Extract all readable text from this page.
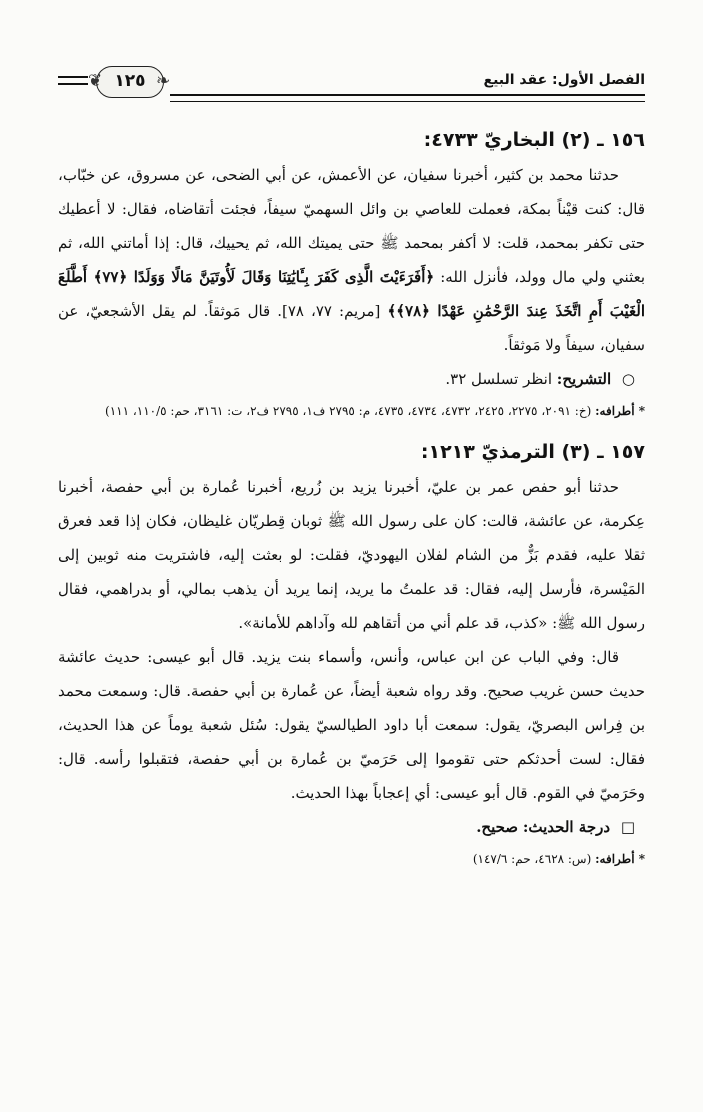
١٢٥
❦	❧	الفصل الأول: عقد البيع
١٥٦ ـ (٢) البخاريّ ٤٧٣٣:

حدثنا محمد بن كثير، أخبرنا سفيان، عن الأعمش، عن أبي الضحى، عن مسروق، عن خبّاب، قال: كنت قيْناً بمكة، فعملت للعاصي بن وائل السهميّ سيفاً، فجئت أتقاضاه، فقال: لا أعطيك حتى تكفر بمحمد، قلت: لا أكفر بمحمد ﷺ حتى يميتك الله، ثم يحييك، قال: إذا أماتني الله، ثم بعثني ولي مال وولد، فأنزل الله: ﴿أَفَرَءَيْتَ الَّذِى كَفَرَ بِـَٔايَٰتِنَا وَقَالَ لَأُوتَيَنَّ مَالًا وَوَلَدًا ﴿٧٧﴾ أَطَّلَعَ الْغَيْبَ أَمِ اتَّخَذَ عِندَ الرَّحْمَٰنِ عَهْدًا ﴿٧٨﴾﴾ [مريم: ٧٧، ٧٨]. قال مَوثقاً. لم يقل الأشجعيّ، عن سفيان، سيفاً ولا مَوثقاً.

○ التشريح: انظر تسلسل ٣٢.

* أطرافه: (خ: ٢٠٩١، ٢٢٧٥، ٢٤٢٥، ٤٧٣٢، ٤٧٣٤، ٤٧٣٥، م: ٢٧٩٥ ف١، ٢٧٩٥ ف٢، ت: ٣١٦١، حم: ١١٠/٥، ١١١)

١٥٧ ـ (٣) الترمذيّ ١٢١٣:

حدثنا أبو حفص عمر بن عليّ، أخبرنا يزيد بن زُريع، أخبرنا عُمارة بن أبي حفصة، أخبرنا عِكرمة، عن عائشة، قالت: كان على رسول الله ﷺ ثوبان قِطريّان غليظان، فكان إذا قعد فعرق ثقلا عليه، فقدم بَزٌّ من الشام لفلان اليهوديّ، فقلت: لو بعثت إليه، فاشتريت منه ثوبين إلى المَيْسرة، فأرسل إليه، فقال: قد علمتُ ما يريد، إنما يريد أن يذهب بمالي، أو بدراهمي، فقال رسول الله ﷺ: «كذب، قد علم أني من أتقاهم لله وآداهم للأمانة».

قال: وفي الباب عن ابن عباس، وأنس، وأسماء بنت يزيد. قال أبو عيسى: حديث عائشة حديث حسن غريب صحيح. وقد رواه شعبة أيضاً، عن عُمارة بن أبي حفصة. قال: وسمعت محمد بن فِراس البصريّ، يقول: سمعت أبا داود الطيالسيّ يقول: سُئل شعبة يوماً عن هذا الحديث، فقال: لست أحدثكم حتى تقوموا إلى حَرَميّ بن عُمارة بن أبي حفصة، فتقبلوا رأسه. قال: وحَرَميّ في القوم. قال أبو عيسى: أي إعجاباً بهذا الحديث.

□ درجة الحديث: صحيح.

* أطرافه: (س: ٤٦٢٨، حم: ١٤٧/٦)
